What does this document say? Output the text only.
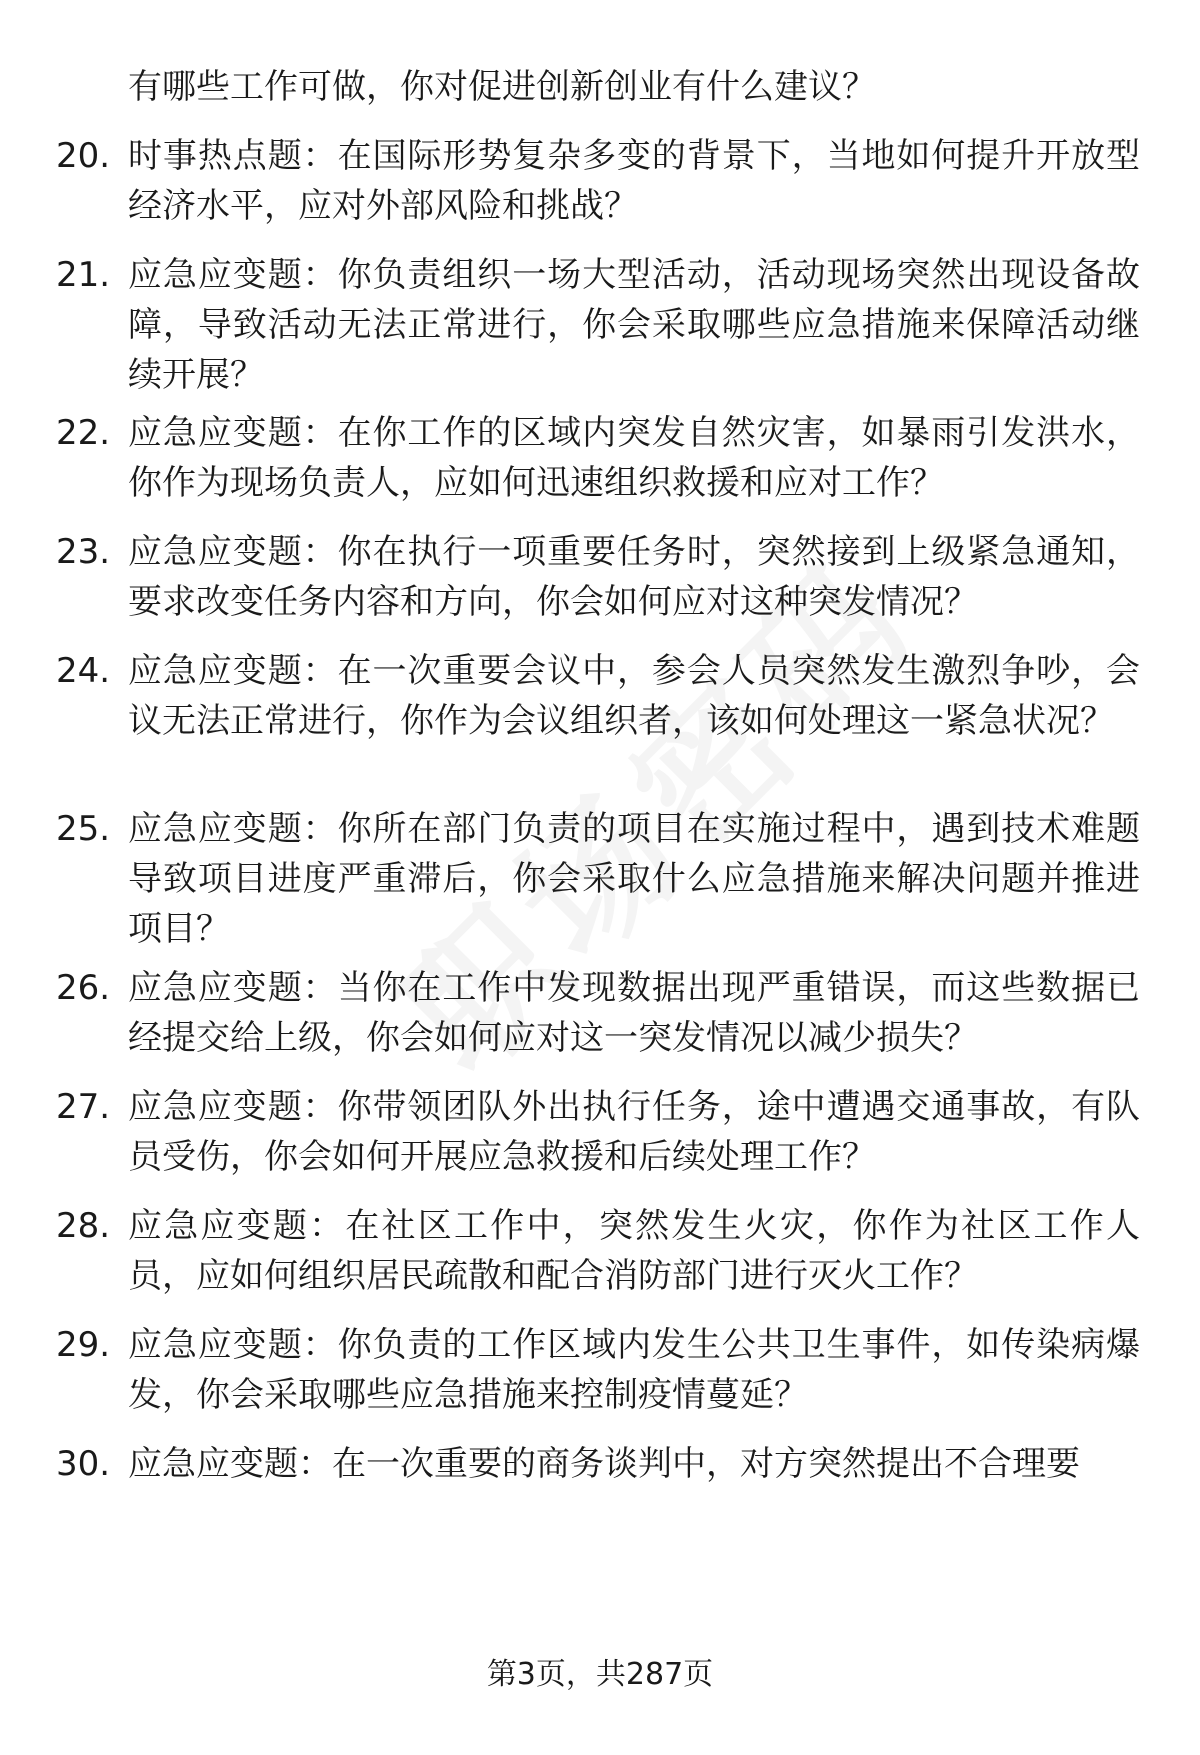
有哪些工作可做，你对促进创新创业有什么建议？
20. 时事热点题：在国际形势复杂多变的背景下，当地如何提升开放型经济水平，应对外部风险和挑战？
21. 应急应变题：你负责组织一场大型活动，活动现场突然出现设备故障，导致活动无法正常进行，你会采取哪些应急措施来保障活动继续开展？
22. 应急应变题：在你工作的区域内突发自然灾害，如暴雨引发洪水，你作为现场负责人，应如何迅速组织救援和应对工作？
23. 应急应变题：你在执行一项重要任务时，突然接到上级紧急通知，要求改变任务内容和方向，你会如何应对这种突发情况？
24. 应急应变题：在一次重要会议中，参会人员突然发生激烈争吵，会议无法正常进行，你作为会议组织者，该如何处理这一紧急状况？
25. 应急应变题：你所在部门负责的项目在实施过程中，遇到技术难题导致项目进度严重滞后，你会采取什么应急措施来解决问题并推进项目？
26. 应急应变题：当你在工作中发现数据出现严重错误，而这些数据已经提交给上级，你会如何应对这一突发情况以减少损失？
27. 应急应变题：你带领团队外出执行任务，途中遭遇交通事故，有队员受伤，你会如何开展应急救援和后续处理工作？
28. 应急应变题：在社区工作中，突然发生火灾，你作为社区工作人员，应如何组织居民疏散和配合消防部门进行灭火工作？
29. 应急应变题：你负责的工作区域内发生公共卫生事件，如传染病爆发，你会采取哪些应急措施来控制疫情蔓延？
30. 应急应变题：在一次重要的商务谈判中，对方突然提出不合理要
第3页，共287页
